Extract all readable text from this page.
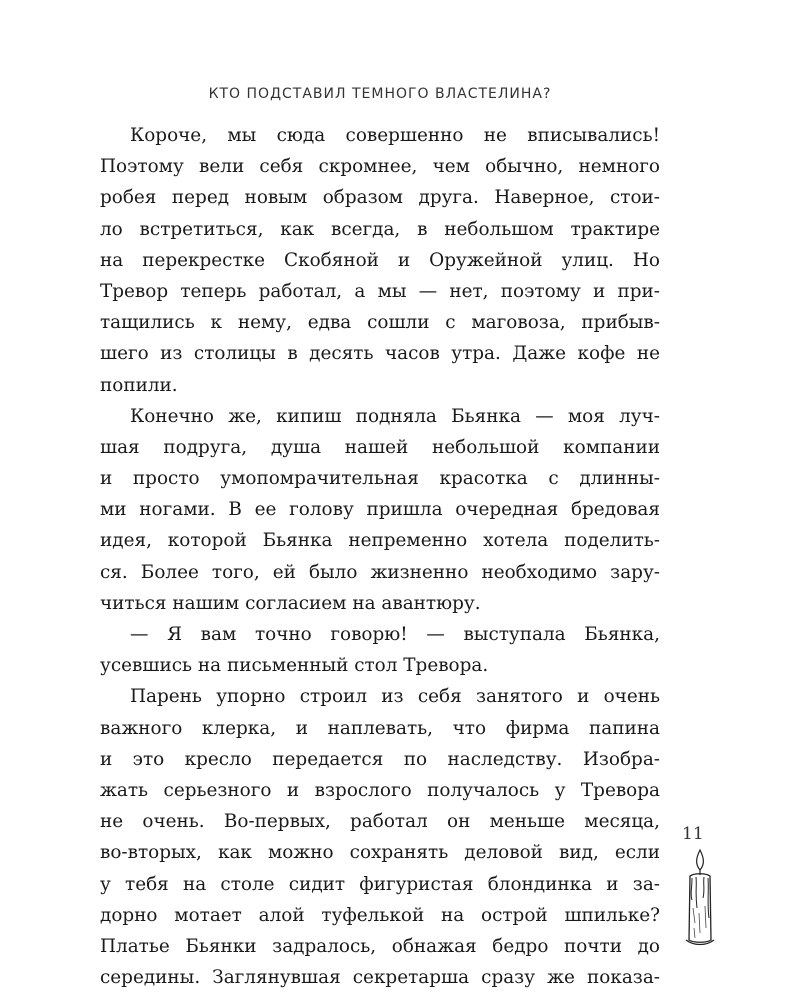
КТО ПОДСТАВИЛ ТЕМНОГО ВЛАСТЕЛИНА?
Короче, мы сюда совершенно не вписывались!
Поэтому вели себя скромнее, чем обычно, немного
робея перед новым образом друга. Наверное, стои-
ло встретиться, как всегда, в небольшом трактире
на перекрестке Скобяной и Оружейной улиц. Но
Тревор теперь работал, а мы — нет, поэтому и при-
тащились к нему, едва сошли с маговоза, прибыв-
шего из столицы в десять часов утра. Даже кофе не
попили.
Конечно же, кипиш подняла Бьянка — моя луч-
шая подруга, душа нашей небольшой компании
и просто умопомрачительная красотка с длинны-
ми ногами. В ее голову пришла очередная бредовая
идея, которой Бьянка непременно хотела поделить-
ся. Более того, ей было жизненно необходимо зару-
читься нашим согласием на авантюру.
— Я вам точно говорю! — выступала Бьянка,
усевшись на письменный стол Тревора.
Парень упорно строил из себя занятого и очень
важного клерка, и наплевать, что фирма папина
и это кресло передается по наследству. Изобра-
жать серьезного и взрослого получалось у Тревора
не очень. Во-первых, работал он меньше месяца,
во-вторых, как можно сохранять деловой вид, если
у тебя на столе сидит фигуристая блондинка и за-
дорно мотает алой туфелькой на острой шпильке?
Платье Бьянки задралось, обнажая бедро почти до
середины. Заглянувшая секретарша сразу же показа-
11
